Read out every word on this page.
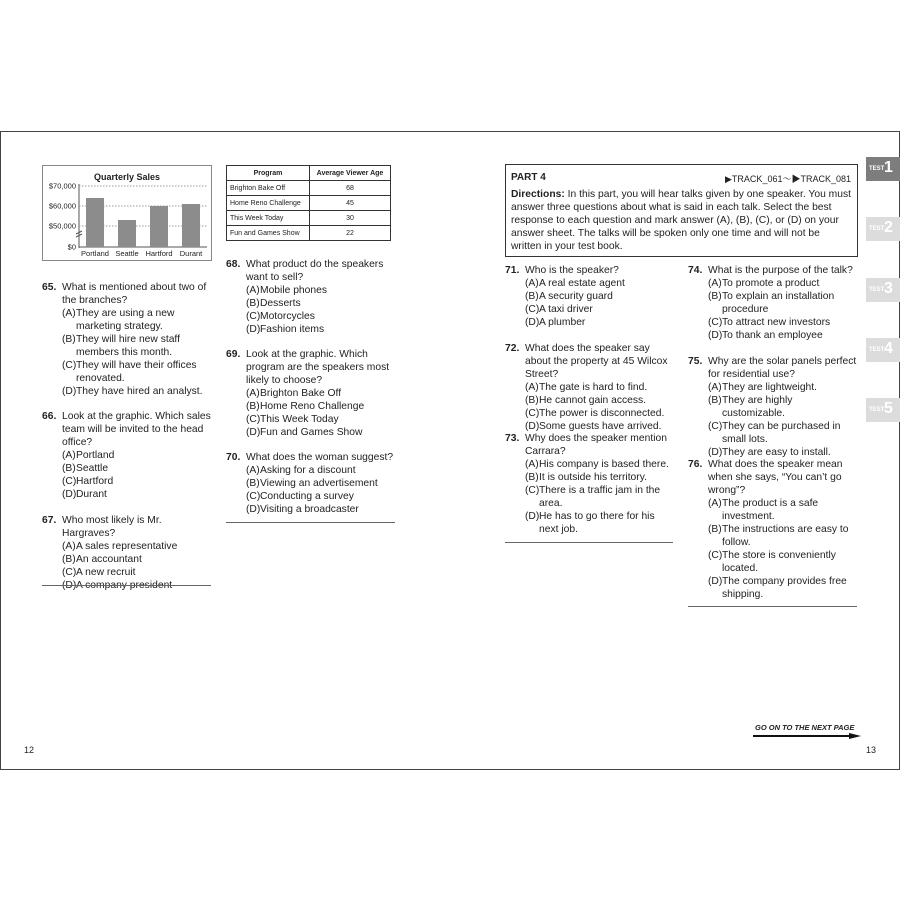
Quarterly Sales
$70,000
$60,000
$50,000
$0
Portland Seattle Hartford Durant
Program	Average Viewer Age
Brighton Bake Off	68
Home Reno Challenge	45
This Week Today	30
Fun and Games Show	22
65. What is mentioned about two of the branches?
(A) They are using a new marketing strategy.
(B) They will hire new staff members this month.
(C) They will have their offices renovated.
(D) They have hired an analyst.
66. Look at the graphic. Which sales team will be invited to the head office?
(A) Portland
(B) Seattle
(C) Hartford
(D) Durant
67. Who most likely is Mr. Hargraves?
(A) A sales representative
(B) An accountant
(C) A new recruit
(D) A company president
68. What product do the speakers want to sell?
(A) Mobile phones
(B) Desserts
(C) Motorcycles
(D) Fashion items
69. Look at the graphic. Which program are the speakers most likely to choose?
(A) Brighton Bake Off
(B) Home Reno Challenge
(C) This Week Today
(D) Fun and Games Show
70. What does the woman suggest?
(A) Asking for a discount
(B) Viewing an advertisement
(C) Conducting a survey
(D) Visiting a broadcaster
PART 4	▶TRACK_061〜▶TRACK_081
Directions: In this part, you will hear talks given by one speaker. You must answer three questions about what is said in each talk. Select the best response to each question and mark answer (A), (B), (C), or (D) on your answer sheet. The talks will be spoken only one time and will not be written in your test book.
71. Who is the speaker?
(A) A real estate agent
(B) A security guard
(C) A taxi driver
(D) A plumber
72. What does the speaker say about the property at 45 Wilcox Street?
(A) The gate is hard to find.
(B) He cannot gain access.
(C) The power is disconnected.
(D) Some guests have arrived.
73. Why does the speaker mention Carrara?
(A) His company is based there.
(B) It is outside his territory.
(C) There is a traffic jam in the area.
(D) He has to go there for his next job.
74. What is the purpose of the talk?
(A) To promote a product
(B) To explain an installation procedure
(C) To attract new investors
(D) To thank an employee
75. Why are the solar panels perfect for residential use?
(A) They are lightweight.
(B) They are highly customizable.
(C) They can be purchased in small lots.
(D) They are easy to install.
76. What does the speaker mean when she says, “You can’t go wrong”?
(A) The product is a safe investment.
(B) The instructions are easy to follow.
(C) The store is conveniently located.
(D) The company provides free shipping.
TEST 1
TEST 2
TEST 3
TEST 4
TEST 5
GO ON TO THE NEXT PAGE
12	13
